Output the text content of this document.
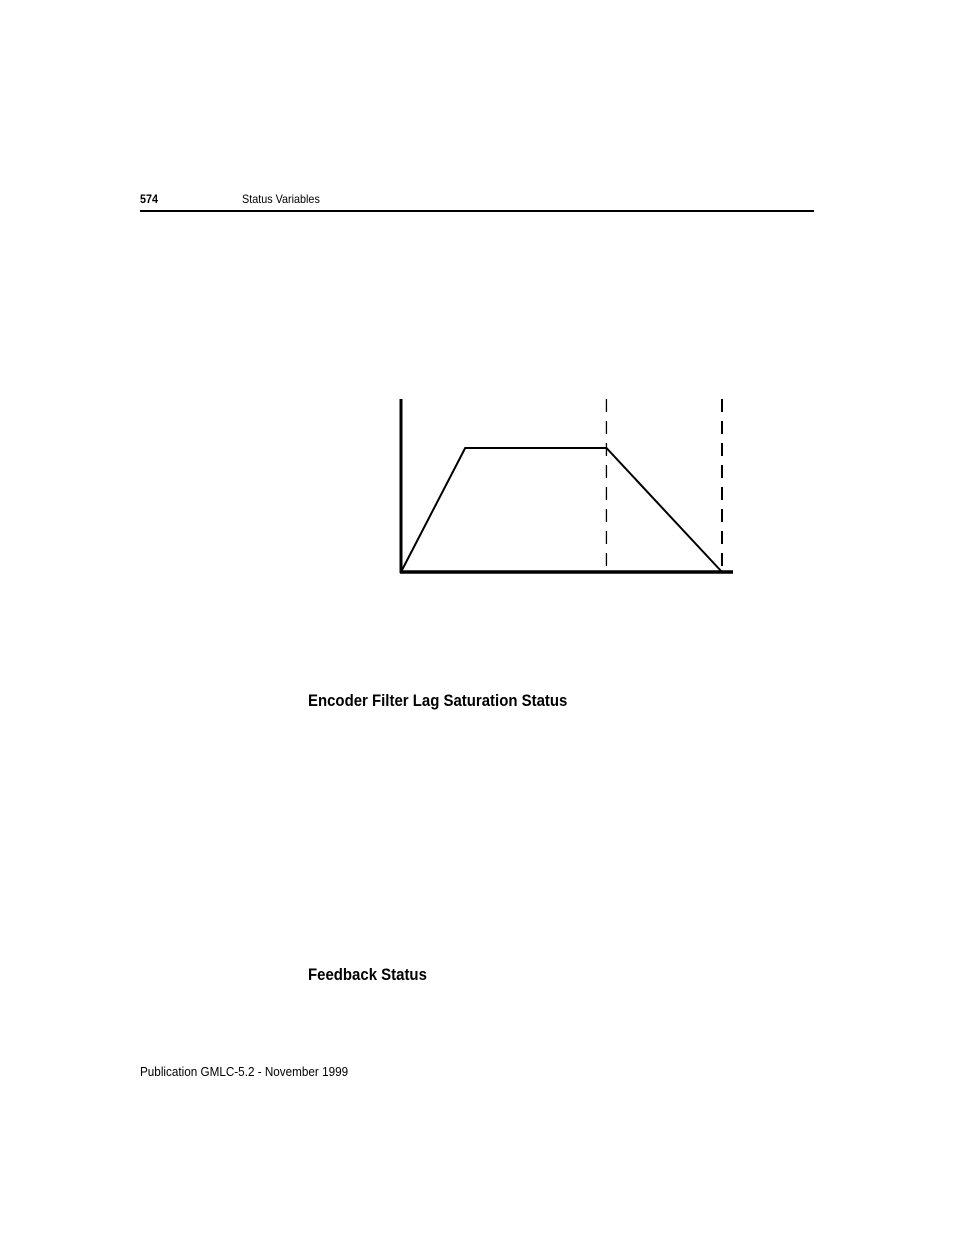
574	Status Variables
Encoder Filter Lag Saturation Status
Feedback Status
Publication GMLC-5.2 - November 1999
